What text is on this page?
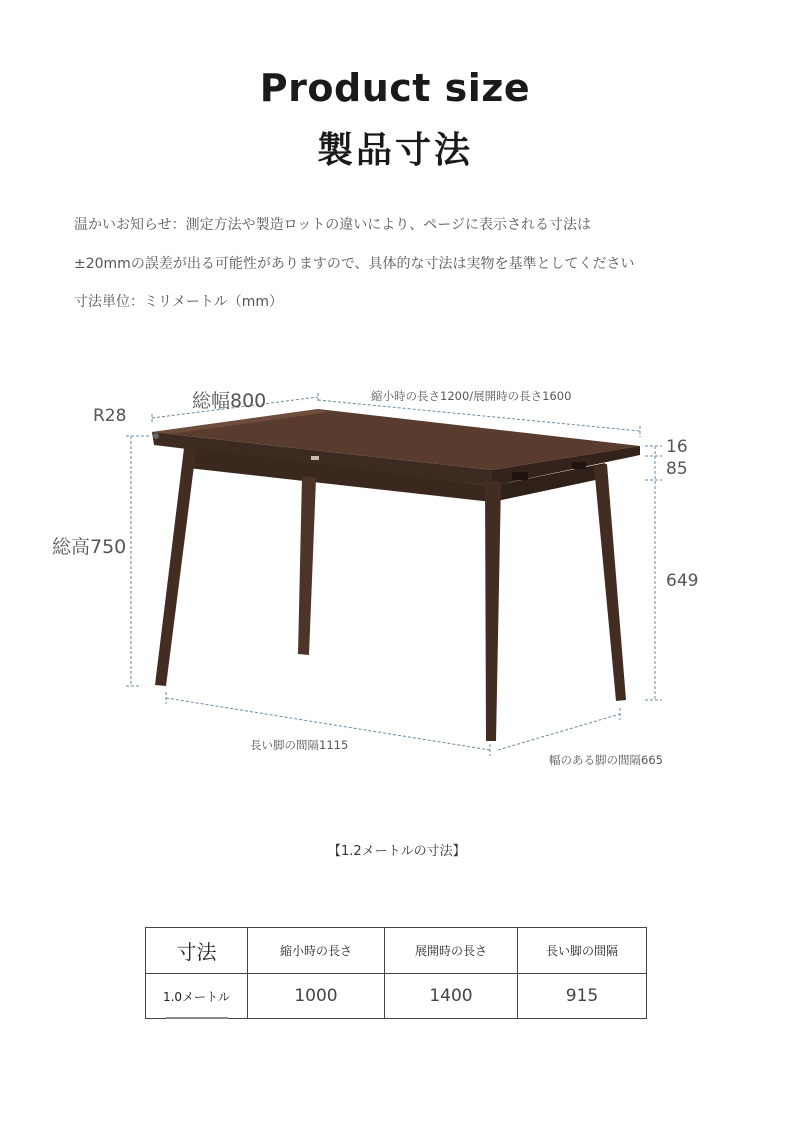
Product size
製品寸法
温かいお知らせ：測定方法や製造ロットの違いにより、ページに表示される寸法は
±20mmの誤差が出る可能性がありますので、具体的な寸法は実物を基準としてください
寸法単位：ミリメートル（mm）
総幅800	縮小時の長さ1200/展開時の長さ1600
R28
16
85
総高750
649
長い脚の間隔1115
幅のある脚の間隔665
【1.2メートルの寸法】
寸法	縮小時の長さ	展開時の長さ	長い脚の間隔
1.0メートル	1000	1400	915
